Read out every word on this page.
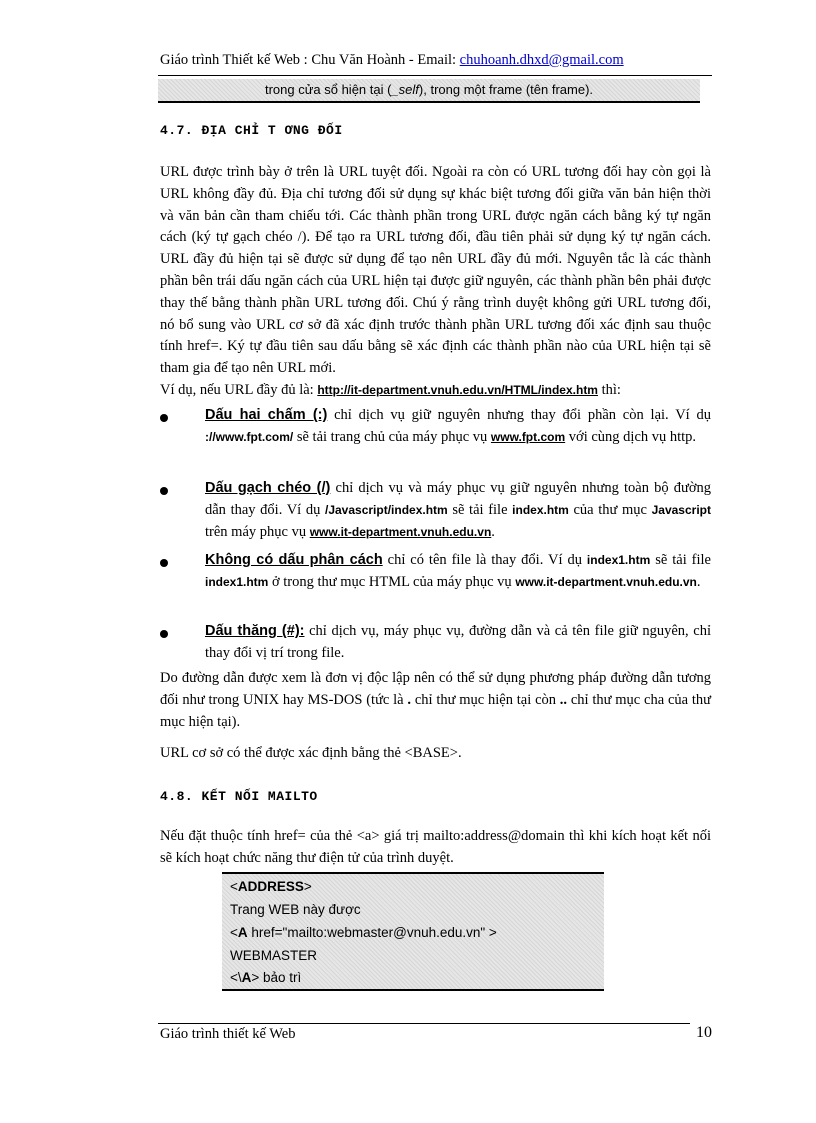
Giáo trình Thiết kế Web : Chu Văn Hoành - Email: chuhoanh.dhxd@gmail.com
trong cửa sổ hiện tại (_self), trong một frame (tên frame).
4.7. ĐỊA CHỈ T ƠNG ĐỐI
URL được trình bày ở trên là URL tuyệt đối. Ngoài ra còn có URL tương đối hay còn gọi là URL không đầy đủ. Địa chỉ tương đối sử dụng sự khác biệt tương đối giữa văn bản hiện thời và văn bản cần tham chiếu tới. Các thành phần trong URL được ngăn cách bằng ký tự ngăn cách (ký tự gạch chéo /). Để tạo ra URL tương đối, đầu tiên phải sử dụng ký tự ngăn cách. URL đầy đủ hiện tại sẽ được sử dụng để tạo nên URL đầy đủ mới. Nguyên tắc là các thành phần bên trái dấu ngăn cách của URL hiện tại được giữ nguyên, các thành phần bên phải được thay thế bằng thành phần URL tương đối. Chú ý rằng trình duyệt không gửi URL tương đối, nó bổ sung vào URL cơ sở đã xác định trước thành phần URL tương đối xác định sau thuộc tính href=. Ký tự đầu tiên sau dấu bằng sẽ xác định các thành phần nào của URL hiện tại sẽ tham gia để tạo nên URL mới.
Ví dụ, nếu URL đầy đủ là: http://it-department.vnuh.edu.vn/HTML/index.htm thì:
Dấu hai chấm (:) chỉ dịch vụ giữ nguyên nhưng thay đổi phần còn lại. Ví dụ ://www.fpt.com/ sẽ tải trang chủ của máy phục vụ www.fpt.com với cùng dịch vụ http.
Dấu gạch chéo (/) chỉ dịch vụ và máy phục vụ giữ nguyên nhưng toàn bộ đường dẫn thay đổi. Ví dụ /Javascript/index.htm sẽ tải file index.htm của thư mục Javascript trên máy phục vụ www.it-department.vnuh.edu.vn.
Không có dấu phân cách chỉ có tên file là thay đổi. Ví dụ index1.htm sẽ tải file index1.htm ở trong thư mục HTML của máy phục vụ www.it-department.vnuh.edu.vn.
Dấu thăng (#): chỉ dịch vụ, máy phục vụ, đường dẫn và cả tên file giữ nguyên, chỉ thay đổi vị trí trong file.
Do đường dẫn được xem là đơn vị độc lập nên có thể sử dụng phương pháp đường dẫn tương đối như trong UNIX hay MS-DOS (tức là . chỉ thư mục hiện tại còn .. chỉ thư mục cha của thư mục hiện tại).
URL cơ sở có thể được xác định bằng thẻ <BASE>.
4.8. KẾT NỐI MAILTO
Nếu đặt thuộc tính href= của thẻ <a> giá trị mailto:address@domain thì khi kích hoạt kết nối sẽ kích hoạt chức năng thư điện tử của trình duyệt.
<ADDRESS>
Trang WEB này được
<A href="mailto:webmaster@vnuh.edu.vn" >
WEBMASTER
<\A> bảo trì
Giáo trình thiết kế Web	10
